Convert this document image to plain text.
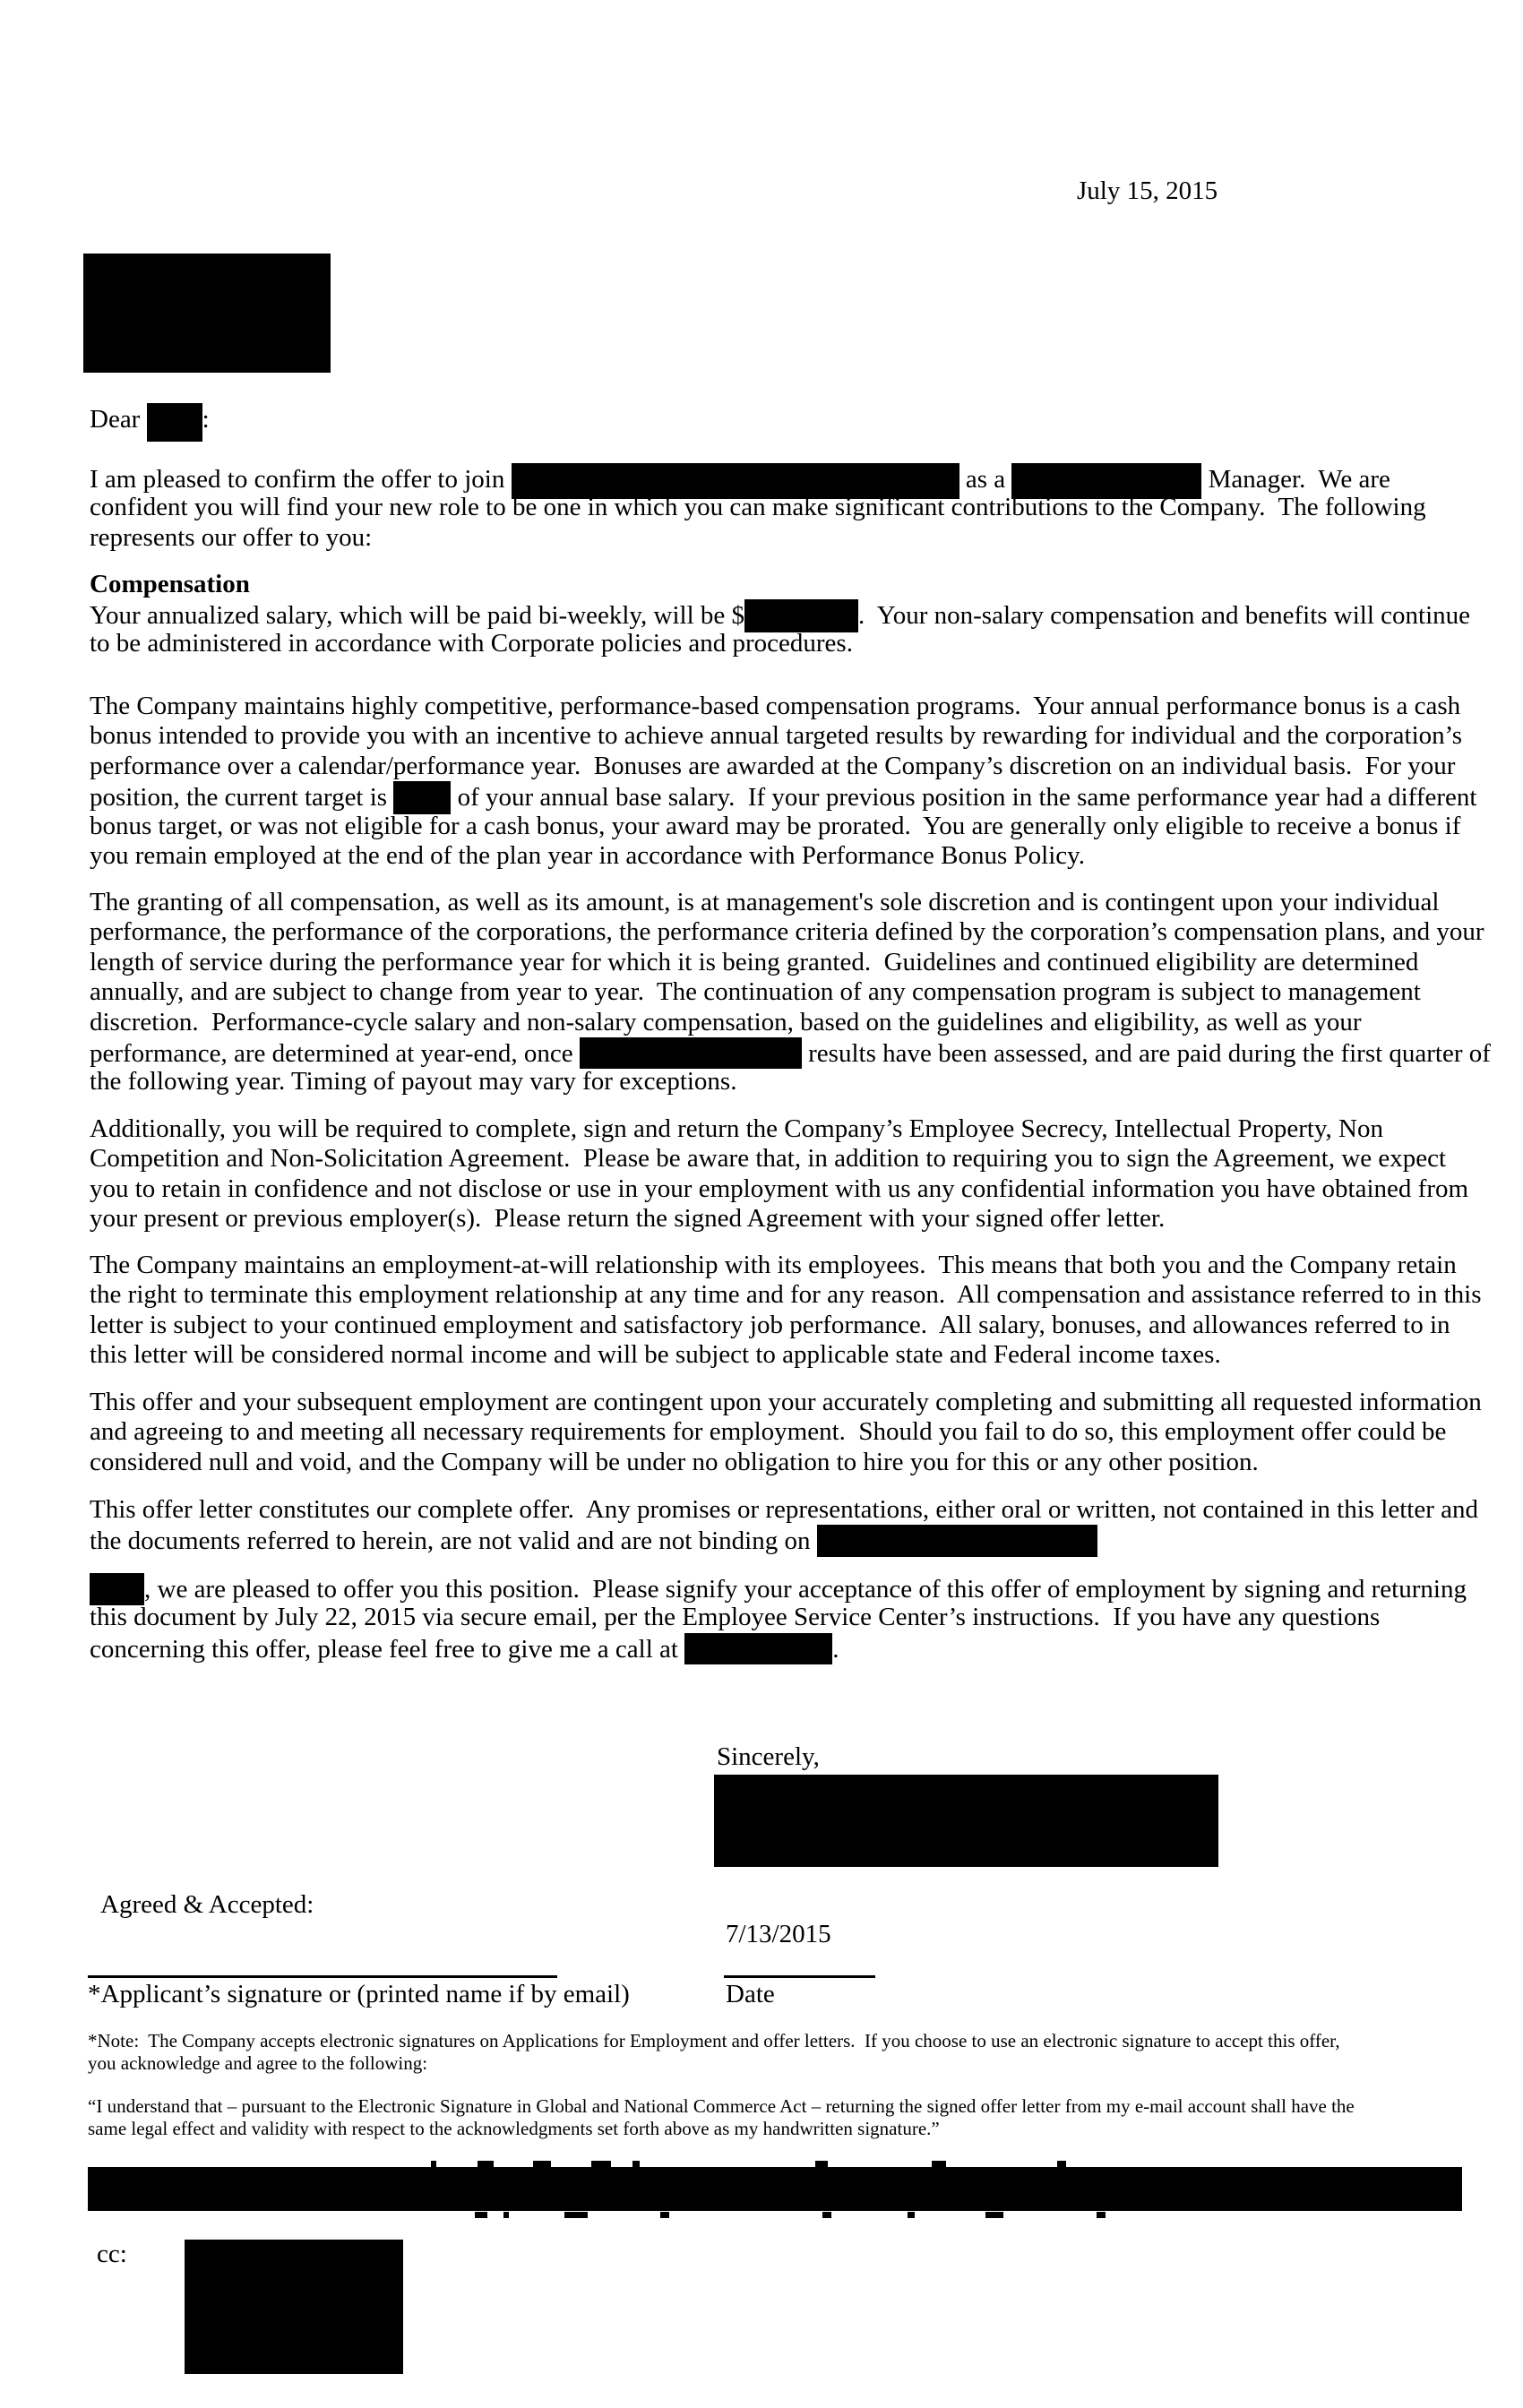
July 15, 2015
Dear :
I am pleased to confirm the offer to join	as a	Manager.  We are
confident you will find your new role to be one in which you can make significant contributions to the Company.  The following
represents our offer to you:
Compensation
Your annualized salary, which will be paid bi-weekly, will be $	.  Your non-salary compensation and benefits will continue
to be administered in accordance with Corporate policies and procedures.
The Company maintains highly competitive, performance-based compensation programs.  Your annual performance bonus is a cash
bonus intended to provide you with an incentive to achieve annual targeted results by rewarding for individual and the corporation’s
performance over a calendar/performance year.  Bonuses are awarded at the Company’s discretion on an individual basis.  For your
position, the current target is  of your annual base salary.  If your previous position in the same performance year had a different
bonus target, or was not eligible for a cash bonus, your award may be prorated.  You are generally only eligible to receive a bonus if
you remain employed at the end of the plan year in accordance with Performance Bonus Policy.
The granting of all compensation, as well as its amount, is at management's sole discretion and is contingent upon your individual
performance, the performance of the corporations, the performance criteria defined by the corporation’s compensation plans, and your
length of service during the performance year for which it is being granted.  Guidelines and continued eligibility are determined
annually, and are subject to change from year to year.  The continuation of any compensation program is subject to management
discretion.  Performance-cycle salary and non-salary compensation, based on the guidelines and eligibility, as well as your
performance, are determined at year-end, once	results have been assessed, and are paid during the first quarter of
the following year. Timing of payout may vary for exceptions.
Additionally, you will be required to complete, sign and return the Company’s Employee Secrecy, Intellectual Property, Non
Competition and Non-Solicitation Agreement.  Please be aware that, in addition to requiring you to sign the Agreement, we expect
you to retain in confidence and not disclose or use in your employment with us any confidential information you have obtained from
your present or previous employer(s).  Please return the signed Agreement with your signed offer letter.
The Company maintains an employment-at-will relationship with its employees.  This means that both you and the Company retain
the right to terminate this employment relationship at any time and for any reason.  All compensation and assistance referred to in this
letter is subject to your continued employment and satisfactory job performance.  All salary, bonuses, and allowances referred to in
this letter will be considered normal income and will be subject to applicable state and Federal income taxes.
This offer and your subsequent employment are contingent upon your accurately completing and submitting all requested information
and agreeing to and meeting all necessary requirements for employment.  Should you fail to do so, this employment offer could be
considered null and void, and the Company will be under no obligation to hire you for this or any other position.
This offer letter constitutes our complete offer.  Any promises or representations, either oral or written, not contained in this letter and
the documents referred to herein, are not valid and are not binding on
, we are pleased to offer you this position.  Please signify your acceptance of this offer of employment by signing and returning
this document by July 22, 2015 via secure email, per the Employee Service Center’s instructions.  If you have any questions
concerning this offer, please feel free to give me a call at	.
Sincerely,
Agreed & Accepted:
7/13/2015
*Applicant’s signature or (printed name if by email)	Date
*Note:  The Company accepts electronic signatures on Applications for Employment and offer letters.  If you choose to use an electronic signature to accept this offer,
you acknowledge and agree to the following:
“I understand that – pursuant to the Electronic Signature in Global and National Commerce Act – returning the signed offer letter from my e-mail account shall have the
same legal effect and validity with respect to the acknowledgments set forth above as my handwritten signature.”
cc:
